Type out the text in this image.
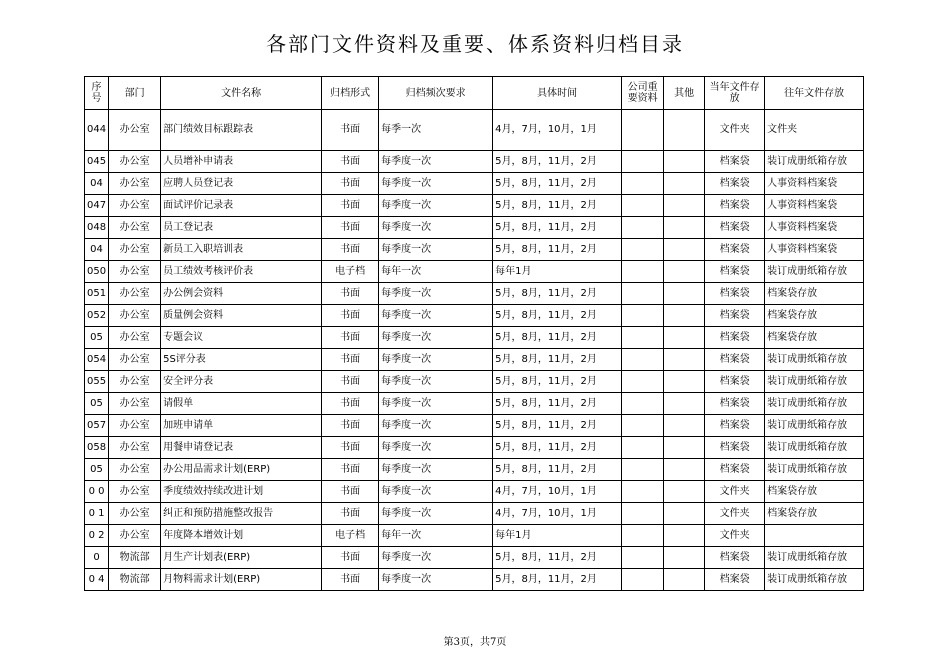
各部门文件资料及重要、体系资料归档目录
序号	部门	文件名称	归档形式	归档频次要求	具体时间	公司重要资料	其他	当年文件存放	往年文件存放
044	办公室	部门绩效目标跟踪表	书面	每季一次	4月，7月，10月，1月			文件夹	文件夹
045	办公室	人员增补申请表	书面	每季度一次	5月，8月，11月，2月			档案袋	装订成册纸箱存放
04	办公室	应聘人员登记表	书面	每季度一次	5月，8月，11月，2月			档案袋	人事资料档案袋
047	办公室	面试评价记录表	书面	每季度一次	5月，8月，11月，2月			档案袋	人事资料档案袋
048	办公室	员工登记表	书面	每季度一次	5月，8月，11月，2月			档案袋	人事资料档案袋
04	办公室	新员工入职培训表	书面	每季度一次	5月，8月，11月，2月			档案袋	人事资料档案袋
050	办公室	员工绩效考核评价表	电子档	每年一次	每年1月			档案袋	装订成册纸箱存放
051	办公室	办公例会资料	书面	每季度一次	5月，8月，11月，2月			档案袋	档案袋存放
052	办公室	质量例会资料	书面	每季度一次	5月，8月，11月，2月			档案袋	档案袋存放
05	办公室	专题会议	书面	每季度一次	5月，8月，11月，2月			档案袋	档案袋存放
054	办公室	5S评分表	书面	每季度一次	5月，8月，11月，2月			档案袋	装订成册纸箱存放
055	办公室	安全评分表	书面	每季度一次	5月，8月，11月，2月			档案袋	装订成册纸箱存放
05	办公室	请假单	书面	每季度一次	5月，8月，11月，2月			档案袋	装订成册纸箱存放
057	办公室	加班申请单	书面	每季度一次	5月，8月，11月，2月			档案袋	装订成册纸箱存放
058	办公室	用餐申请登记表	书面	每季度一次	5月，8月，11月，2月			档案袋	装订成册纸箱存放
05	办公室	办公用品需求计划(ERP)	书面	每季度一次	5月，8月，11月，2月			档案袋	装订成册纸箱存放
0 0	办公室	季度绩效持续改进计划	书面	每季度一次	4月，7月，10月，1月			文件夹	档案袋存放
0 1	办公室	纠正和预防措施整改报告	书面	每季度一次	4月，7月，10月，1月			文件夹	档案袋存放
0 2	办公室	年度降本增效计划	电子档	每年一次	每年1月			文件夹	
0	物流部	月生产计划表(ERP)	书面	每季度一次	5月，8月，11月，2月			档案袋	装订成册纸箱存放
0 4	物流部	月物料需求计划(ERP)	书面	每季度一次	5月，8月，11月，2月			档案袋	装订成册纸箱存放
第3页，共7页
